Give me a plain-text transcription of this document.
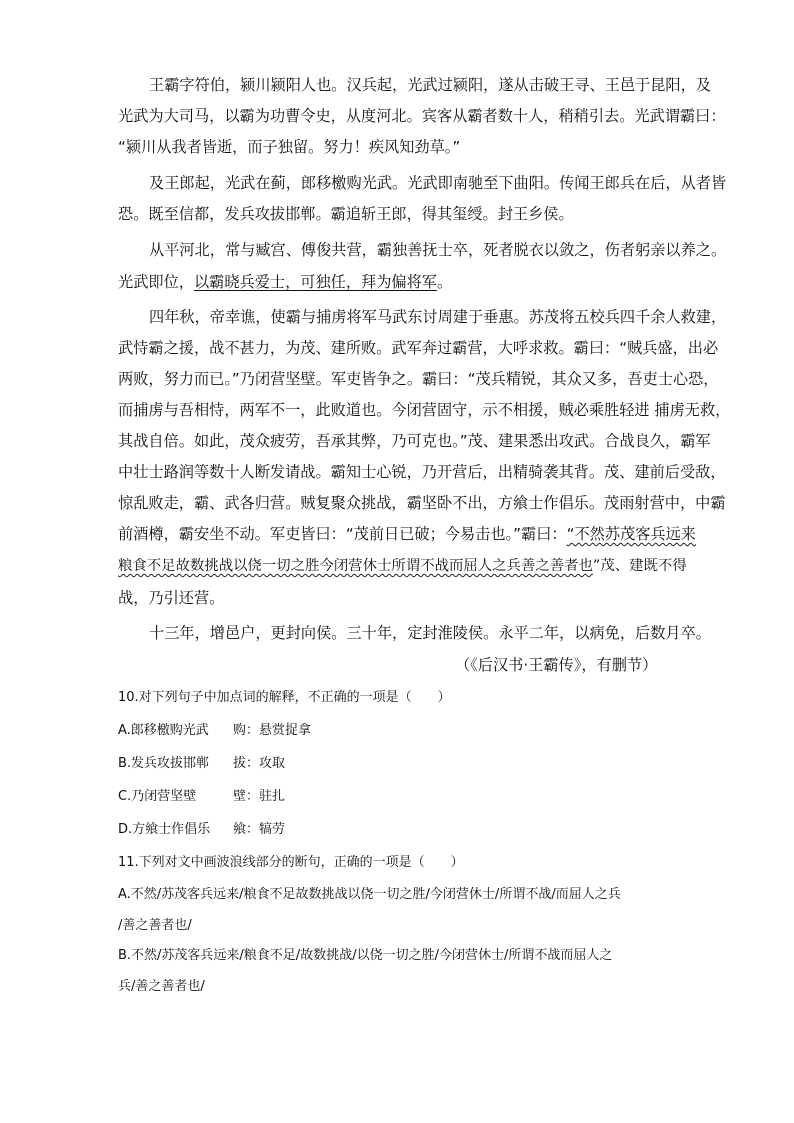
王霸字符伯，颍川颍阳人也。汉兵起，光武过颍阳，遂从击破王寻、王邑于昆阳，及
光武为大司马，以霸为功曹令史，从度河北。宾客从霸者数十人，稍稍引去。光武谓霸曰：
“颍川从我者皆逝，而子独留。努力！疾风知劲草。”
及王郎起，光武在蓟，郎移檄购光武。光武即南驰至下曲阳。传闻王郎兵在后，从者皆
恐。既至信都，发兵攻拔邯郸。霸追斩王郎，得其玺绶。封王乡侯。
从平河北，常与臧宫、傅俊共营，霸独善抚士卒，死者脱衣以敛之，伤者躬亲以养之。
光武即位，以霸晓兵爱士，可独任，拜为偏将军。
四年秋，帝幸谯，使霸与捕虏将军马武东讨周建于垂惠。苏茂将五校兵四千余人救建，
武恃霸之援，战不甚力，为茂、建所败。武军奔过霸营，大呼求救。霸曰：“贼兵盛，出必
两败，努力而已。”乃闭营坚壁。军吏皆争之。霸曰：“茂兵精锐，其众又多，吾吏士心恐，
而捕虏与吾相恃，两军不一，此败道也。今闭营固守，示不相援，贼必乘胜轻进 捕虏无救，
其战自倍。如此，茂众疲劳，吾承其弊，乃可克也。”茂、建果悉出攻武。合战良久，霸军
中壮士路润等数十人断发请战。霸知士心锐，乃开营后，出精骑袭其背。茂、建前后受敌，
惊乱败走，霸、武各归营。贼复聚众挑战，霸坚卧不出，方飨士作倡乐。茂雨射营中，中霸
前酒樽，霸安坐不动。军吏皆曰：“茂前日已破；今易击也。”霸曰：“不然苏茂客兵远来
粮食不足故数挑战以侥一切之胜今闭营休士所谓不战而屈人之兵善之善者也”茂、建既不得
战，乃引还营。
十三年，增邑户，更封向侯。三十年，定封淮陵侯。永平二年，以病免，后数月卒。
（《后汉书·王霸传》，有删节）
10.对下列句子中加点词的解释，不正确的一项是（　　）
A.郎移檄购光武 购：悬赏捉拿
B.发兵攻拔邯郸 拔：攻取
C.乃闭营坚壁	壁：驻扎
D.方飨士作倡乐 飨：犒劳
11.下列对文中画波浪线部分的断句，正确的一项是（　　）
A.不然/苏茂客兵远来/粮食不足故数挑战以侥一切之胜/今闭营休士/所谓不战/而屈人之兵
/善之善者也/
B.不然/苏茂客兵远来/粮食不足/故数挑战/以侥一切之胜/今闭营休士/所谓不战而屈人之
兵/善之善者也/
